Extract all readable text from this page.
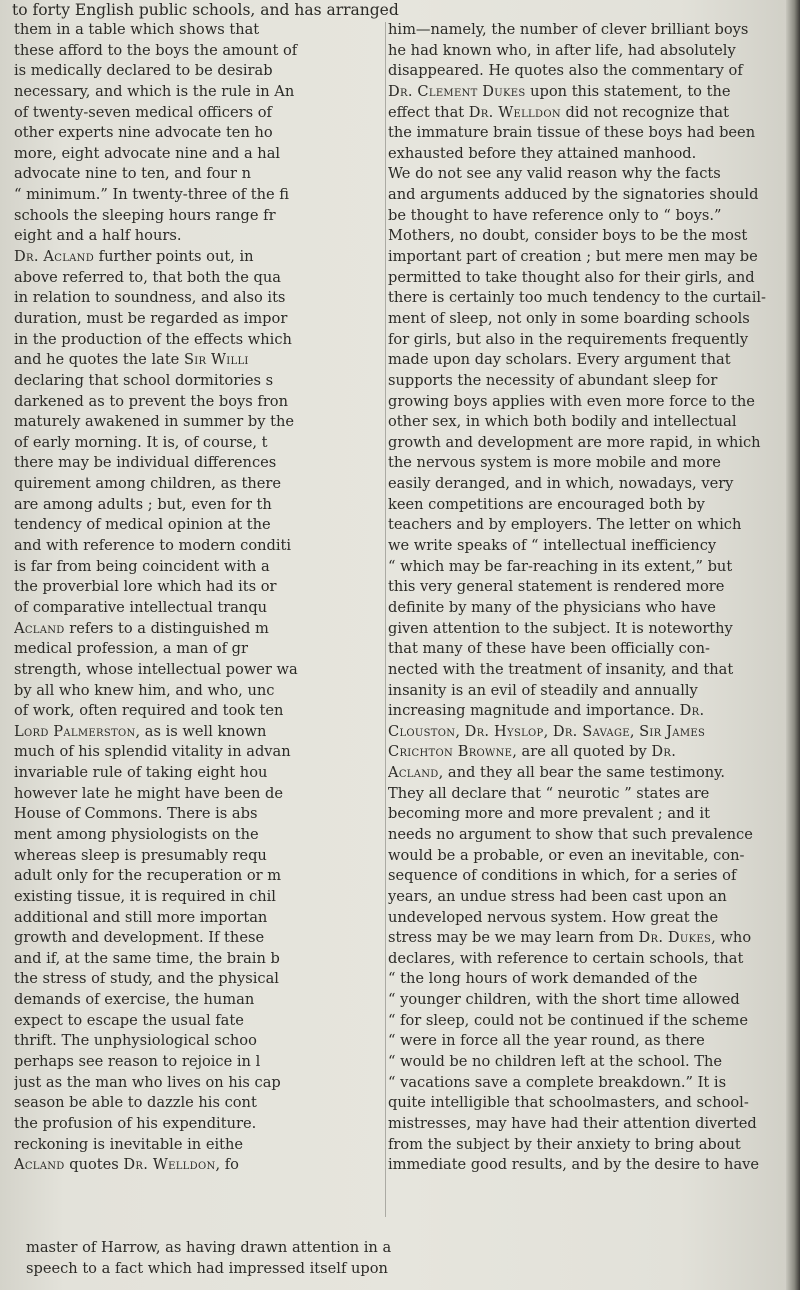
to forty English public schools, and has arranged
them in a table which shows that
these afford to the boys the amount of
is medically declared to be desirab
necessary, and which is the rule in An
of twenty-seven medical officers of
other experts nine advocate ten ho
more, eight advocate nine and a hal
advocate nine to ten, and four n
“ minimum.” In twenty-three of the fi
schools the sleeping hours range fr
eight and a half hours.
Dr. Acland further points out, in
above referred to, that both the qua
in relation to soundness, and also its
duration, must be regarded as impor
in the production of the effects which
and he quotes the late Sir Willi
declaring that school dormitories s
darkened as to prevent the boys fron
maturely awakened in summer by the
of early morning. It is, of course, t
there may be individual differences
quirement among children, as there
are among adults ; but, even for th
tendency of medical opinion at the
and with reference to modern conditi
is far from being coincident with a
the proverbial lore which had its or
of comparative intellectual tranqu
Acland refers to a distinguished m
medical profession, a man of gr
strength, whose intellectual power wa
by all who knew him, and who, unc
of work, often required and took ten
Lord Palmerston, as is well known
much of his splendid vitality in advan
invariable rule of taking eight hou
however late he might have been de
House of Commons. There is abs
ment among physiologists on the
whereas sleep is presumably requ
adult only for the recuperation or m
existing tissue, it is required in chil
additional and still more importan
growth and development. If these
and if, at the same time, the brain b
the stress of study, and the physical
demands of exercise, the human
expect to escape the usual fate
thrift. The unphysiological schoo
perhaps see reason to rejoice in l
just as the man who lives on his cap
season be able to dazzle his cont
the profusion of his expenditure.
reckoning is inevitable in eithe
Acland quotes Dr. Welldon, fo
him—namely, the number of clever brilliant boys
he had known who, in after life, had absolutely
disappeared. He quotes also the commentary of
Dr. Clement Dukes upon this statement, to the
effect that Dr. Welldon did not recognize that
the immature brain tissue of these boys had been
exhausted before they attained manhood.
We do not see any valid reason why the facts
and arguments adduced by the signatories should
be thought to have reference only to “ boys.”
Mothers, no doubt, consider boys to be the most
important part of creation ; but mere men may be
permitted to take thought also for their girls, and
there is certainly too much tendency to the curtail-
ment of sleep, not only in some boarding schools
for girls, but also in the requirements frequently
made upon day scholars. Every argument that
supports the necessity of abundant sleep for
growing boys applies with even more force to the
other sex, in which both bodily and intellectual
growth and development are more rapid, in which
the nervous system is more mobile and more
easily deranged, and in which, nowadays, very
keen competitions are encouraged both by
teachers and by employers. The letter on which
we write speaks of “ intellectual inefficiency
“ which may be far-reaching in its extent,” but
this very general statement is rendered more
definite by many of the physicians who have
given attention to the subject. It is noteworthy
that many of these have been officially con-
nected with the treatment of insanity, and that
insanity is an evil of steadily and annually
increasing magnitude and importance. Dr.
Clouston, Dr. Hyslop, Dr. Savage, Sir James
Crichton Browne, are all quoted by Dr.
Acland, and they all bear the same testimony.
They all declare that “ neurotic ” states are
becoming more and more prevalent ; and it
needs no argument to show that such prevalence
would be a probable, or even an inevitable, con-
sequence of conditions in which, for a series of
years, an undue stress had been cast upon an
undeveloped nervous system. How great the
stress may be we may learn from Dr. Dukes, who
declares, with reference to certain schools, that
“ the long hours of work demanded of the
“ younger children, with the short time allowed
“ for sleep, could not be continued if the scheme
“ were in force all the year round, as there
“ would be no children left at the school. The
“ vacations save a complete breakdown.” It is
quite intelligible that schoolmasters, and school-
mistresses, may have had their attention diverted
from the subject by their anxiety to bring about
immediate good results, and by the desire to have
master of Harrow, as having drawn attention in a
speech to a fact which had impressed itself upon
